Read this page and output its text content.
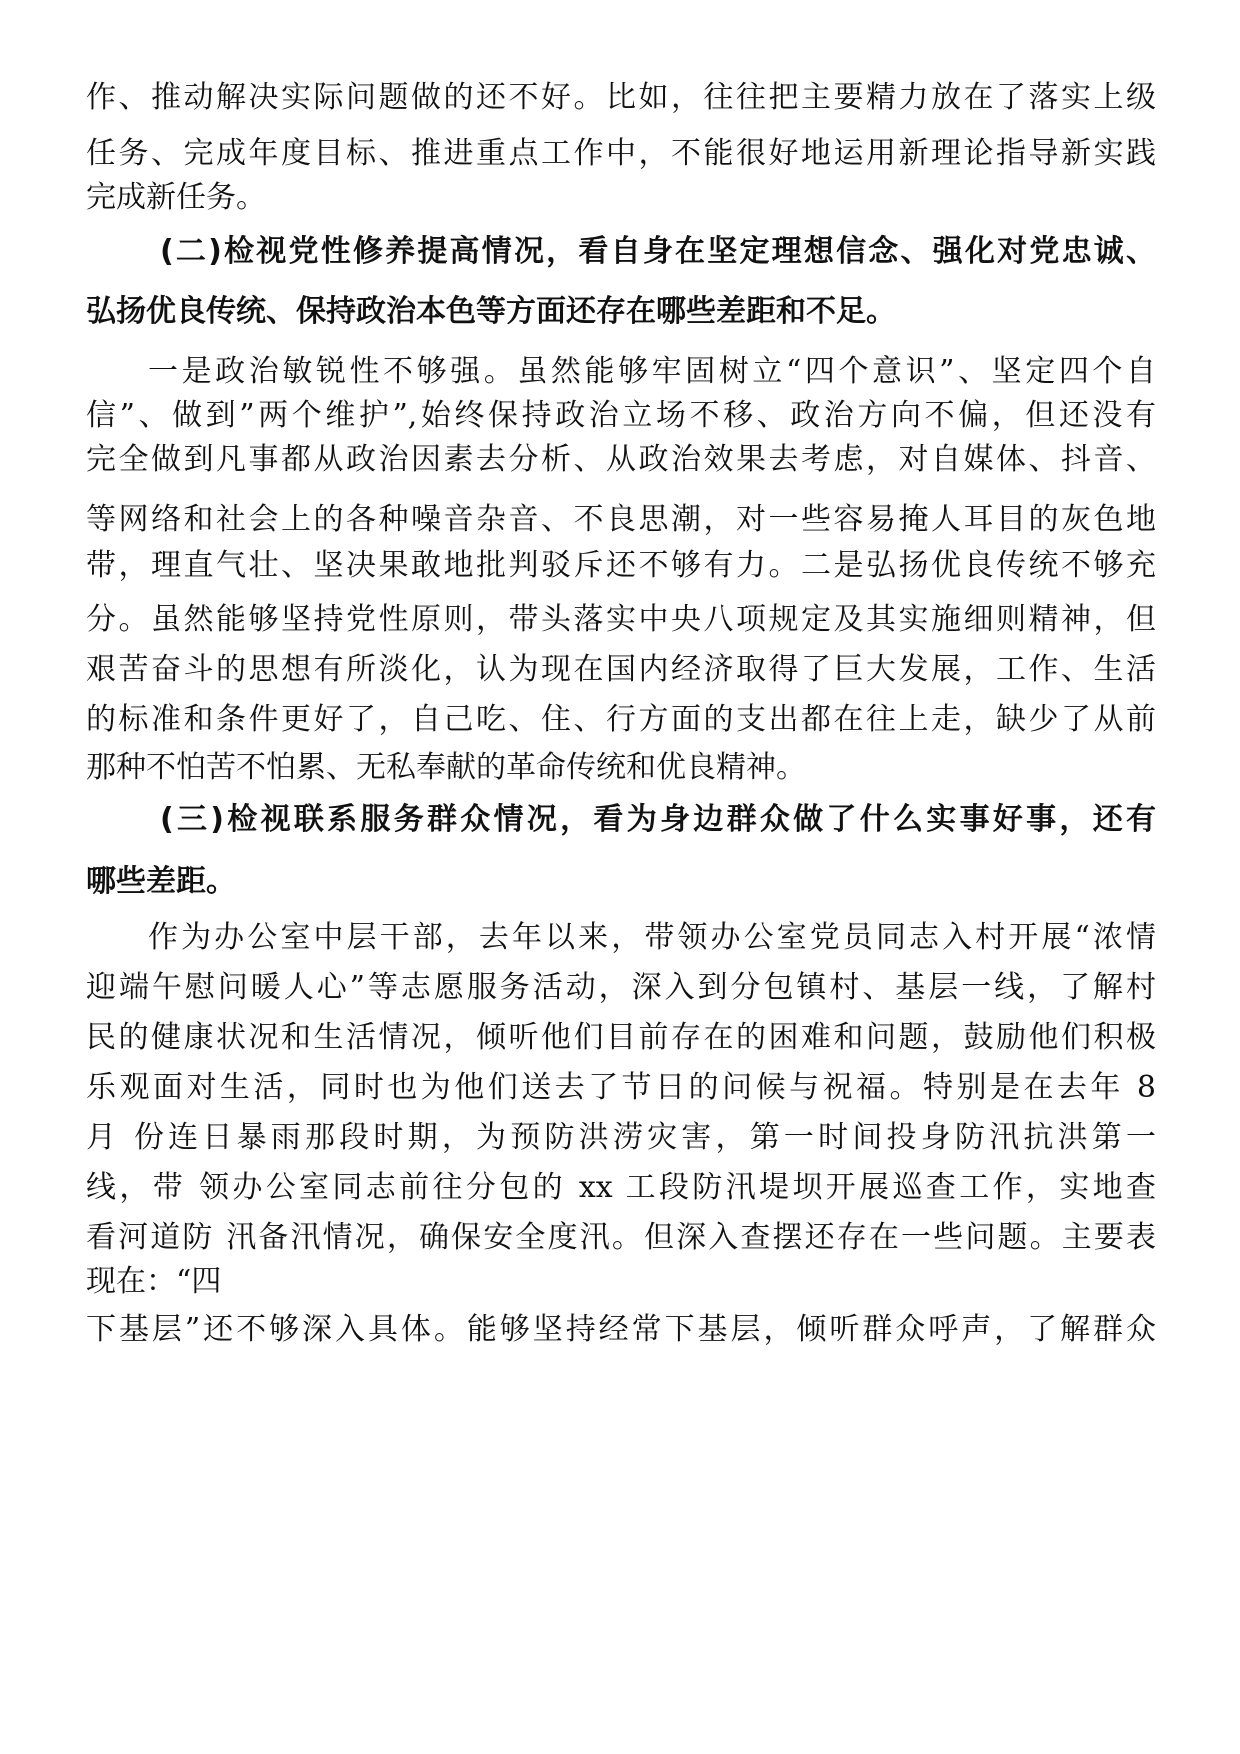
作、推动解决实际问题做的还不好。比如，往往把主要精力放在了落实上级
任务、完成年度目标、推进重点工作中，不能很好地运用新理论指导新实践
完成新任务。
(二)检视党性修养提高情况，看自身在坚定理想信念、强化对党忠诚、
弘扬优良传统、保持政治本色等方面还存在哪些差距和不足。
一是政治敏锐性不够强。虽然能够牢固树立“四个意识”、坚定四个自
信”、做到”两个维护”,始终保持政治立场不移、政治方向不偏，但还没有
完全做到凡事都从政治因素去分析、从政治效果去考虑，对自媒体、抖音、
等网络和社会上的各种噪音杂音、不良思潮，对一些容易掩人耳目的灰色地
带，理直气壮、坚决果敢地批判驳斥还不够有力。二是弘扬优良传统不够充
分。虽然能够坚持党性原则，带头落实中央八项规定及其实施细则精神，但
艰苦奋斗的思想有所淡化，认为现在国内经济取得了巨大发展，工作、生活
的标准和条件更好了，自己吃、住、行方面的支出都在往上走，缺少了从前
那种不怕苦不怕累、无私奉献的革命传统和优良精神。
(三)检视联系服务群众情况，看为身边群众做了什么实事好事，还有
哪些差距。
作为办公室中层干部，去年以来，带领办公室党员同志入村开展“浓情
迎端午慰问暖人心”等志愿服务活动，深入到分包镇村、基层一线，了解村
民的健康状况和生活情况，倾听他们目前存在的困难和问题，鼓励他们积极
乐观面对生活，同时也为他们送去了节日的问候与祝福。特别是在去年 8
月 份连日暴雨那段时期，为预防洪涝灾害，第一时间投身防汛抗洪第一
线，带 领办公室同志前往分包的 xx 工段防汛堤坝开展巡查工作，实地查
看河道防 汛备汛情况，确保安全度汛。但深入查摆还存在一些问题。主要表
现在：“四
下基层”还不够深入具体。能够坚持经常下基层，倾听群众呼声，了解群众
